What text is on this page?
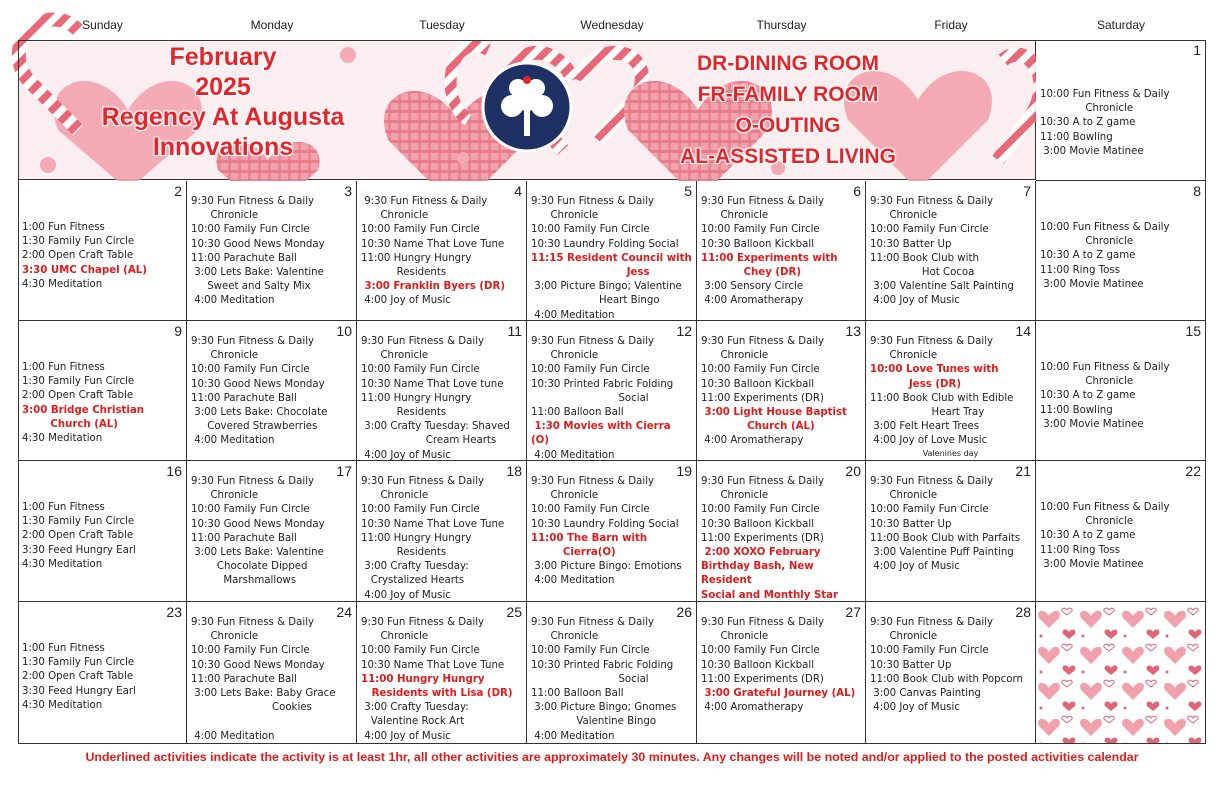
Sunday	Monday	Tuesday	Wednesday	Thursday	Friday	Saturday
February
2025
Regency At Augusta
Innovations
DR-DINING ROOM
FR-FAMILY ROOM
O-OUTING
AL-ASSISTED LIVING
1
10:00 Fun Fitness & Daily
Chronicle
10:30 A to Z game
11:00 Bowling
3:00 Movie Matinee
2
1:00 Fun Fitness
1:30 Family Fun Circle
2:00 Open Craft Table
3:30 UMC Chapel (AL)
4:30 Meditation
3
9:30 Fun Fitness & Daily
Chronicle
10:00 Family Fun Circle
10:30 Good News Monday
11:00 Parachute Ball
3:00 Lets Bake: Valentine
Sweet and Salty Mix
4:00 Meditation
4
9:30 Fun Fitness & Daily
Chronicle
10:00 Family Fun Circle
10:30 Name That Love Tune
11:00 Hungry Hungry
Residents
3:00 Franklin Byers (DR)
4:00 Joy of Music
5
9:30 Fun Fitness & Daily
Chronicle
10:00 Family Fun Circle
10:30 Laundry Folding Social
11:15 Resident Council with
Jess
3:00 Picture Bingo; Valentine
Heart Bingo
4:00 Meditation
6
9:30 Fun Fitness & Daily
Chronicle
10:00 Family Fun Circle
10:30 Balloon Kickball
11:00 Experiments with
Chey (DR)
3:00 Sensory Circle
4:00 Aromatherapy
7
9:30 Fun Fitness & Daily
Chronicle
10:00 Family Fun Circle
10:30 Batter Up
11:00 Book Club with
Hot Cocoa
3:00 Valentine Salt Painting
4:00 Joy of Music
8
10:00 Fun Fitness & Daily
Chronicle
10:30 A to Z game
11:00 Ring Toss
3:00 Movie Matinee
9
1:00 Fun Fitness
1:30 Family Fun Circle
2:00 Open Craft Table
3:00 Bridge Christian
Church (AL)
4:30 Meditation
10
9:30 Fun Fitness & Daily
Chronicle
10:00 Family Fun Circle
10:30 Good News Monday
11:00 Parachute Ball
3:00 Lets Bake: Chocolate
Covered Strawberries
4:00 Meditation
11
9:30 Fun Fitness & Daily
Chronicle
10:00 Family Fun Circle
10:30 Name That Love tune
11:00 Hungry Hungry
Residents
3:00 Crafty Tuesday: Shaved
Cream Hearts
4:00 Joy of Music
12
9:30 Fun Fitness & Daily
Chronicle
10:00 Family Fun Circle
10:30 Printed Fabric Folding
Social
11:00 Balloon Ball
1:30 Movies with Cierra (O)
4:00 Meditation
13
9:30 Fun Fitness & Daily
Chronicle
10:00 Family Fun Circle
10:30 Balloon Kickball
11:00 Experiments (DR)
3:00 Light House Baptist
Church (AL)
4:00 Aromatherapy
14
9:30 Fun Fitness & Daily
Chronicle
10:00 Love Tunes with
Jess (DR)
11:00 Book Club with Edible
Heart Tray
3:00 Felt Heart Trees
4:00 Joy of Love Music
Valenines day
15
10:00 Fun Fitness & Daily
Chronicle
10:30 A to Z game
11:00 Bowling
3:00 Movie Matinee
16
1:00 Fun Fitness
1:30 Family Fun Circle
2:00 Open Craft Table
3:30 Feed Hungry Earl
4:30 Meditation
17
9:30 Fun Fitness & Daily
Chronicle
10:00 Family Fun Circle
10:30 Good News Monday
11:00 Parachute Ball
3:00 Lets Bake: Valentine
Chocolate Dipped
Marshmallows
18
9:30 Fun Fitness & Daily
Chronicle
10:00 Family Fun Circle
10:30 Name That Love Tune
11:00 Hungry Hungry
Residents
3:00 Crafty Tuesday:
Crystalized Hearts
4:00 Joy of Music
19
9:30 Fun Fitness & Daily
Chronicle
10:00 Family Fun Circle
10:30 Laundry Folding Social
11:00 The Barn with
Cierra(O)
3:00 Picture Bingo: Emotions
4:00 Meditation
20
9:30 Fun Fitness & Daily
Chronicle
10:00 Family Fun Circle
10:30 Balloon Kickball
11:00 Experiments (DR)
2:00 XOXO February
Birthday Bash, New Resident
Social and Monthly Star
21
9:30 Fun Fitness & Daily
Chronicle
10:00 Family Fun Circle
10:30 Batter Up
11:00 Book Club with Parfaits
3:00 Valentine Puff Painting
4:00 Joy of Music
22
10:00 Fun Fitness & Daily
Chronicle
10:30 A to Z game
11:00 Ring Toss
3:00 Movie Matinee
23
1:00 Fun Fitness
1:30 Family Fun Circle
2:00 Open Craft Table
3:30 Feed Hungry Earl
4:30 Meditation
24
9:30 Fun Fitness & Daily
Chronicle
10:00 Family Fun Circle
10:30 Good News Monday
11:00 Parachute Ball
3:00 Lets Bake: Baby Grace
Cookies

4:00 Meditation
25
9:30 Fun Fitness & Daily
Chronicle
10:00 Family Fun Circle
10:30 Name That Love Tune
11:00 Hungry Hungry
Residents with Lisa (DR)
3:00 Crafty Tuesday:
Valentine Rock Art
4:00 Joy of Music
26
9:30 Fun Fitness & Daily
Chronicle
10:00 Family Fun Circle
10:30 Printed Fabric Folding
Social
11:00 Balloon Ball
3:00 Picture Bingo; Gnomes
Valentine Bingo
4:00 Meditation
27
9:30 Fun Fitness & Daily
Chronicle
10:00 Family Fun Circle
10:30 Balloon Kickball
11:00 Experiments (DR)
3:00 Grateful Journey (AL)
4:00 Aromatherapy
28
9:30 Fun Fitness & Daily
Chronicle
10:00 Family Fun Circle
10:30 Batter Up
11:00 Book Club with Popcorn
3:00 Canvas Painting
4:00 Joy of Music
Underlined activities indicate the activity is at least 1hr, all other activities are approximately 30 minutes. Any changes will be noted and/or applied to the posted activities calendar
